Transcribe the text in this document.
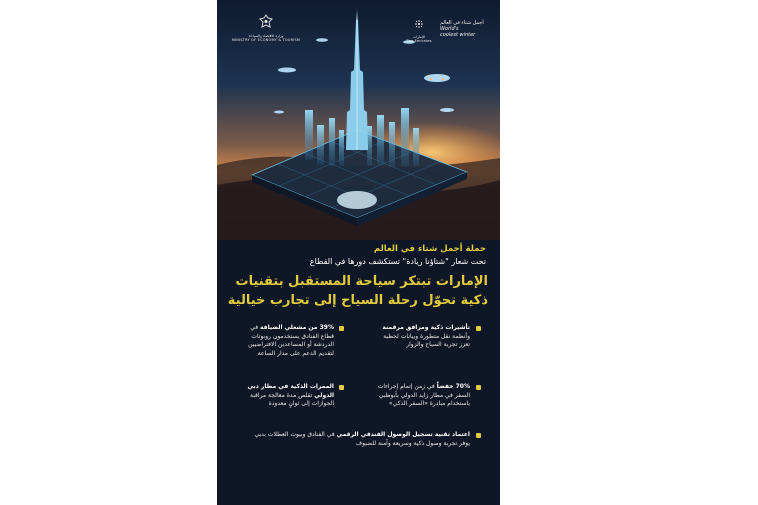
وزارة الاقتصاد والسياحة
MINISTRY OF ECONOMY & TOURISM
الإمارات
The Emirates
أجمل شتاء في العالم
World's
coolest winter
حملة أجمل شتاء في العالم
تحت شعار "شتاؤنا ريادة" تستكشف دورها في القطاع
الإمارات تبتكر سياحة المستقبل بتقنيات
ذكية تحوّل رحلة السياح إلى تجارب خيالية
تأشيرات ذكية ومرافق مرقمنة
وأنظمة نقل متطورة وبيانات لحظية
تعزز تجربة السياح والزوار
39% من مشغلي الضيافة في
قطاع الفنادق يستخدمون روبوتات
الدردشة أو المساعدين الافتراضيين
لتقديم الدعم على مدار الساعة
70% خفضاً في زمن إتمام إجراءات
السفر في مطار زايد الدولي بأبوظبي
باستخدام مبادرة «السفر الذكي»
الممرات الذكية في مطار دبي
الدولي تقلص مدة معالجة مراقبة
الجوازات إلى ثوانٍ معدودة
اعتماد تقنية تسجيل الوصول الفندقي الرقمي في الفنادق وبيوت العطلات بدبي
يوفر تجربة وصول ذكية وسريعة وآمنة للضيوف
